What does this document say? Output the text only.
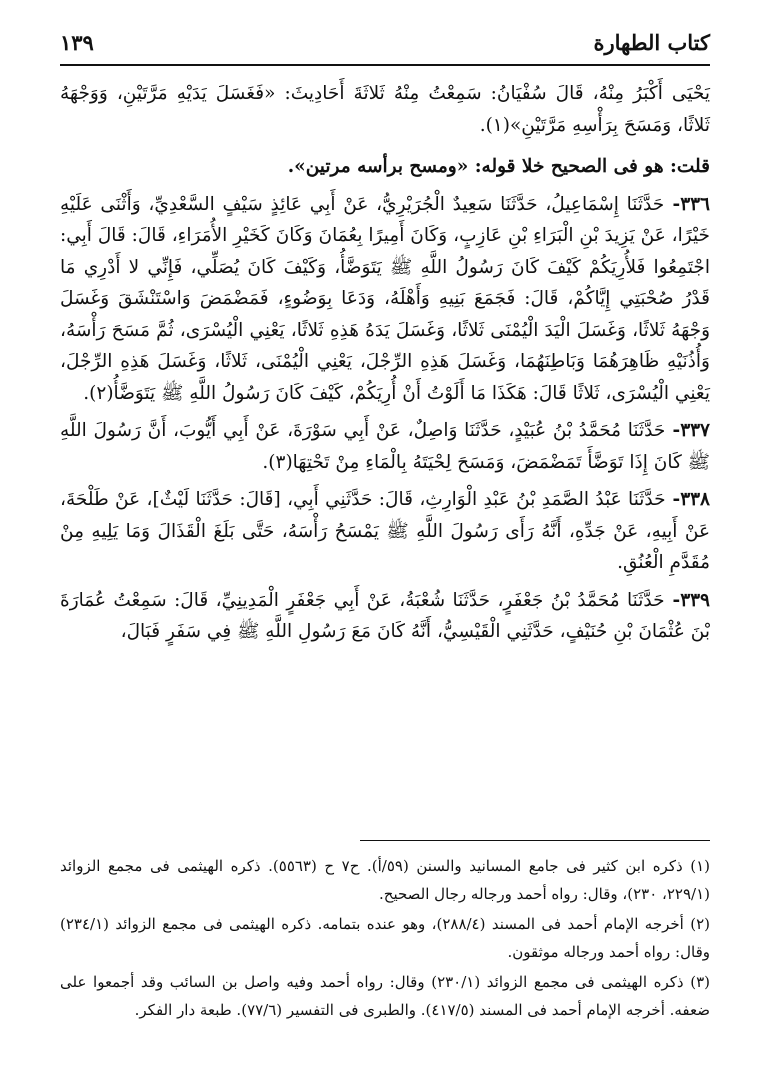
كتاب الطهارة
١٣٩

يَحْيَى أَكْبَرُ مِنْهُ، قَالَ سُفْيَانُ: سَمِعْتُ مِنْهُ ثَلاثَةَ أَحَادِيثَ: «فَغَسَلَ يَدَيْهِ مَرَّتَيْنِ، وَوَجْهَهُ ثَلاثًا، وَمَسَحَ بِرَأْسِهِ مَرَّتَيْنِ»(١).

قلت: هو فى الصحيح خلا قوله: «ومسح برأسه مرتين».

٣٣٦- حَدَّثَنَا إِسْمَاعِيلُ، حَدَّثَنَا سَعِيدٌ الْجُرَيْرِيُّ، عَنْ أَبِي عَائِذٍ سَيْفٍ السَّعْدِيِّ، وَأَثْنَى عَلَيْهِ خَيْرًا، عَنْ يَزِيدَ بْنِ الْبَرَاءِ بْنِ عَازِبٍ، وَكَانَ أَمِيرًا بِعُمَانَ وَكَانَ كَخَيْرِ الأُمَرَاءِ، قَالَ: قَالَ أَبِي: اجْتَمِعُوا فَلأُرِيَكُمْ كَيْفَ كَانَ رَسُولُ اللَّهِ ﷺ يَتَوَضَّأُ، وَكَيْفَ كَانَ يُصَلِّي، فَإِنِّي لا أَدْرِي مَا قَدْرُ صُحْبَتِي إِيَّاكُمْ، قَالَ: فَجَمَعَ بَنِيهِ وَأَهْلَهُ، وَدَعَا بِوَضُوءٍ، فَمَضْمَضَ وَاسْتَنْشَقَ وَغَسَلَ وَجْهَهُ ثَلاثًا، وَغَسَلَ الْيَدَ الْيُمْنَى ثَلاثًا، وَغَسَلَ يَدَهُ هَذِهِ ثَلاثًا، يَعْنِي الْيُسْرَى، ثُمَّ مَسَحَ رَأْسَهُ، وَأُذُنَيْهِ ظَاهِرَهُمَا وَبَاطِنَهُمَا، وَغَسَلَ هَذِهِ الرِّجْلَ، يَعْنِي الْيُمْنَى، ثَلاثًا، وَغَسَلَ هَذِهِ الرِّجْلَ، يَعْنِي الْيُسْرَى، ثَلاثًا قَالَ: هَكَذَا مَا أَلَوْتُ أَنْ أُرِيَكُمْ، كَيْفَ كَانَ رَسُولُ اللَّهِ ﷺ يَتَوَضَّأُ(٢).

٣٣٧- حَدَّثَنَا مُحَمَّدُ بْنُ عُبَيْدٍ، حَدَّثَنَا وَاصِلٌ، عَنْ أَبِي سَوْرَةَ، عَنْ أَبِي أَيُّوبَ، أَنَّ رَسُولَ اللَّهِ ﷺ كَانَ إِذَا تَوَضَّأَ تَمَضْمَضَ، وَمَسَحَ لِحْيَتَهُ بِالْمَاءِ مِنْ تَحْتِهَا(٣).

٣٣٨- حَدَّثَنَا عَبْدُ الصَّمَدِ بْنُ عَبْدِ الْوَارِثِ، قَالَ: حَدَّثَنِي أَبِي، [قَالَ: حَدَّثَنَا لَيْثٌ]، عَنْ طَلْحَةَ، عَنْ أَبِيهِ، عَنْ جَدِّهِ، أَنَّهُ رَأَى رَسُولَ اللَّهِ ﷺ يَمْسَحُ رَأْسَهُ، حَتَّى بَلَغَ الْقَذَالَ وَمَا يَلِيهِ مِنْ مُقَدَّمِ الْعُنُقِ.

٣٣٩- حَدَّثَنَا مُحَمَّدُ بْنُ جَعْفَرٍ، حَدَّثَنَا شُعْبَةُ، عَنْ أَبِي جَعْفَرٍ الْمَدِينِيِّ، قَالَ: سَمِعْتُ عُمَارَةَ بْنَ عُثْمَانَ بْنِ حُنَيْفٍ، حَدَّثَنِي الْقَيْسِيُّ، أَنَّهُ كَانَ مَعَ رَسُولِ اللَّهِ ﷺ فِي سَفَرٍ فَبَالَ،

(١) ذكره ابن كثير فى جامع المسانيد والسنن (٥٩/أ). ح٧ ح (٥٥٦٣). ذكره الهيثمى فى مجمع الزوائد (٢٢٩/١، ٢٣٠)، وقال: رواه أحمد ورجاله رجال الصحيح.

(٢) أخرجه الإمام أحمد فى المسند (٢٨٨/٤)، وهو عنده بتمامه. ذكره الهيثمى فى مجمع الزوائد (٢٣٤/١) وقال: رواه أحمد ورجاله موثقون.

(٣) ذكره الهيثمى فى مجمع الزوائد (٢٣٠/١) وقال: رواه أحمد وفيه واصل بن السائب وقد أجمعوا على ضعفه. أخرجه الإمام أحمد فى المسند (٤١٧/٥). والطبرى فى التفسير (٧٧/٦). طبعة دار الفكر.
